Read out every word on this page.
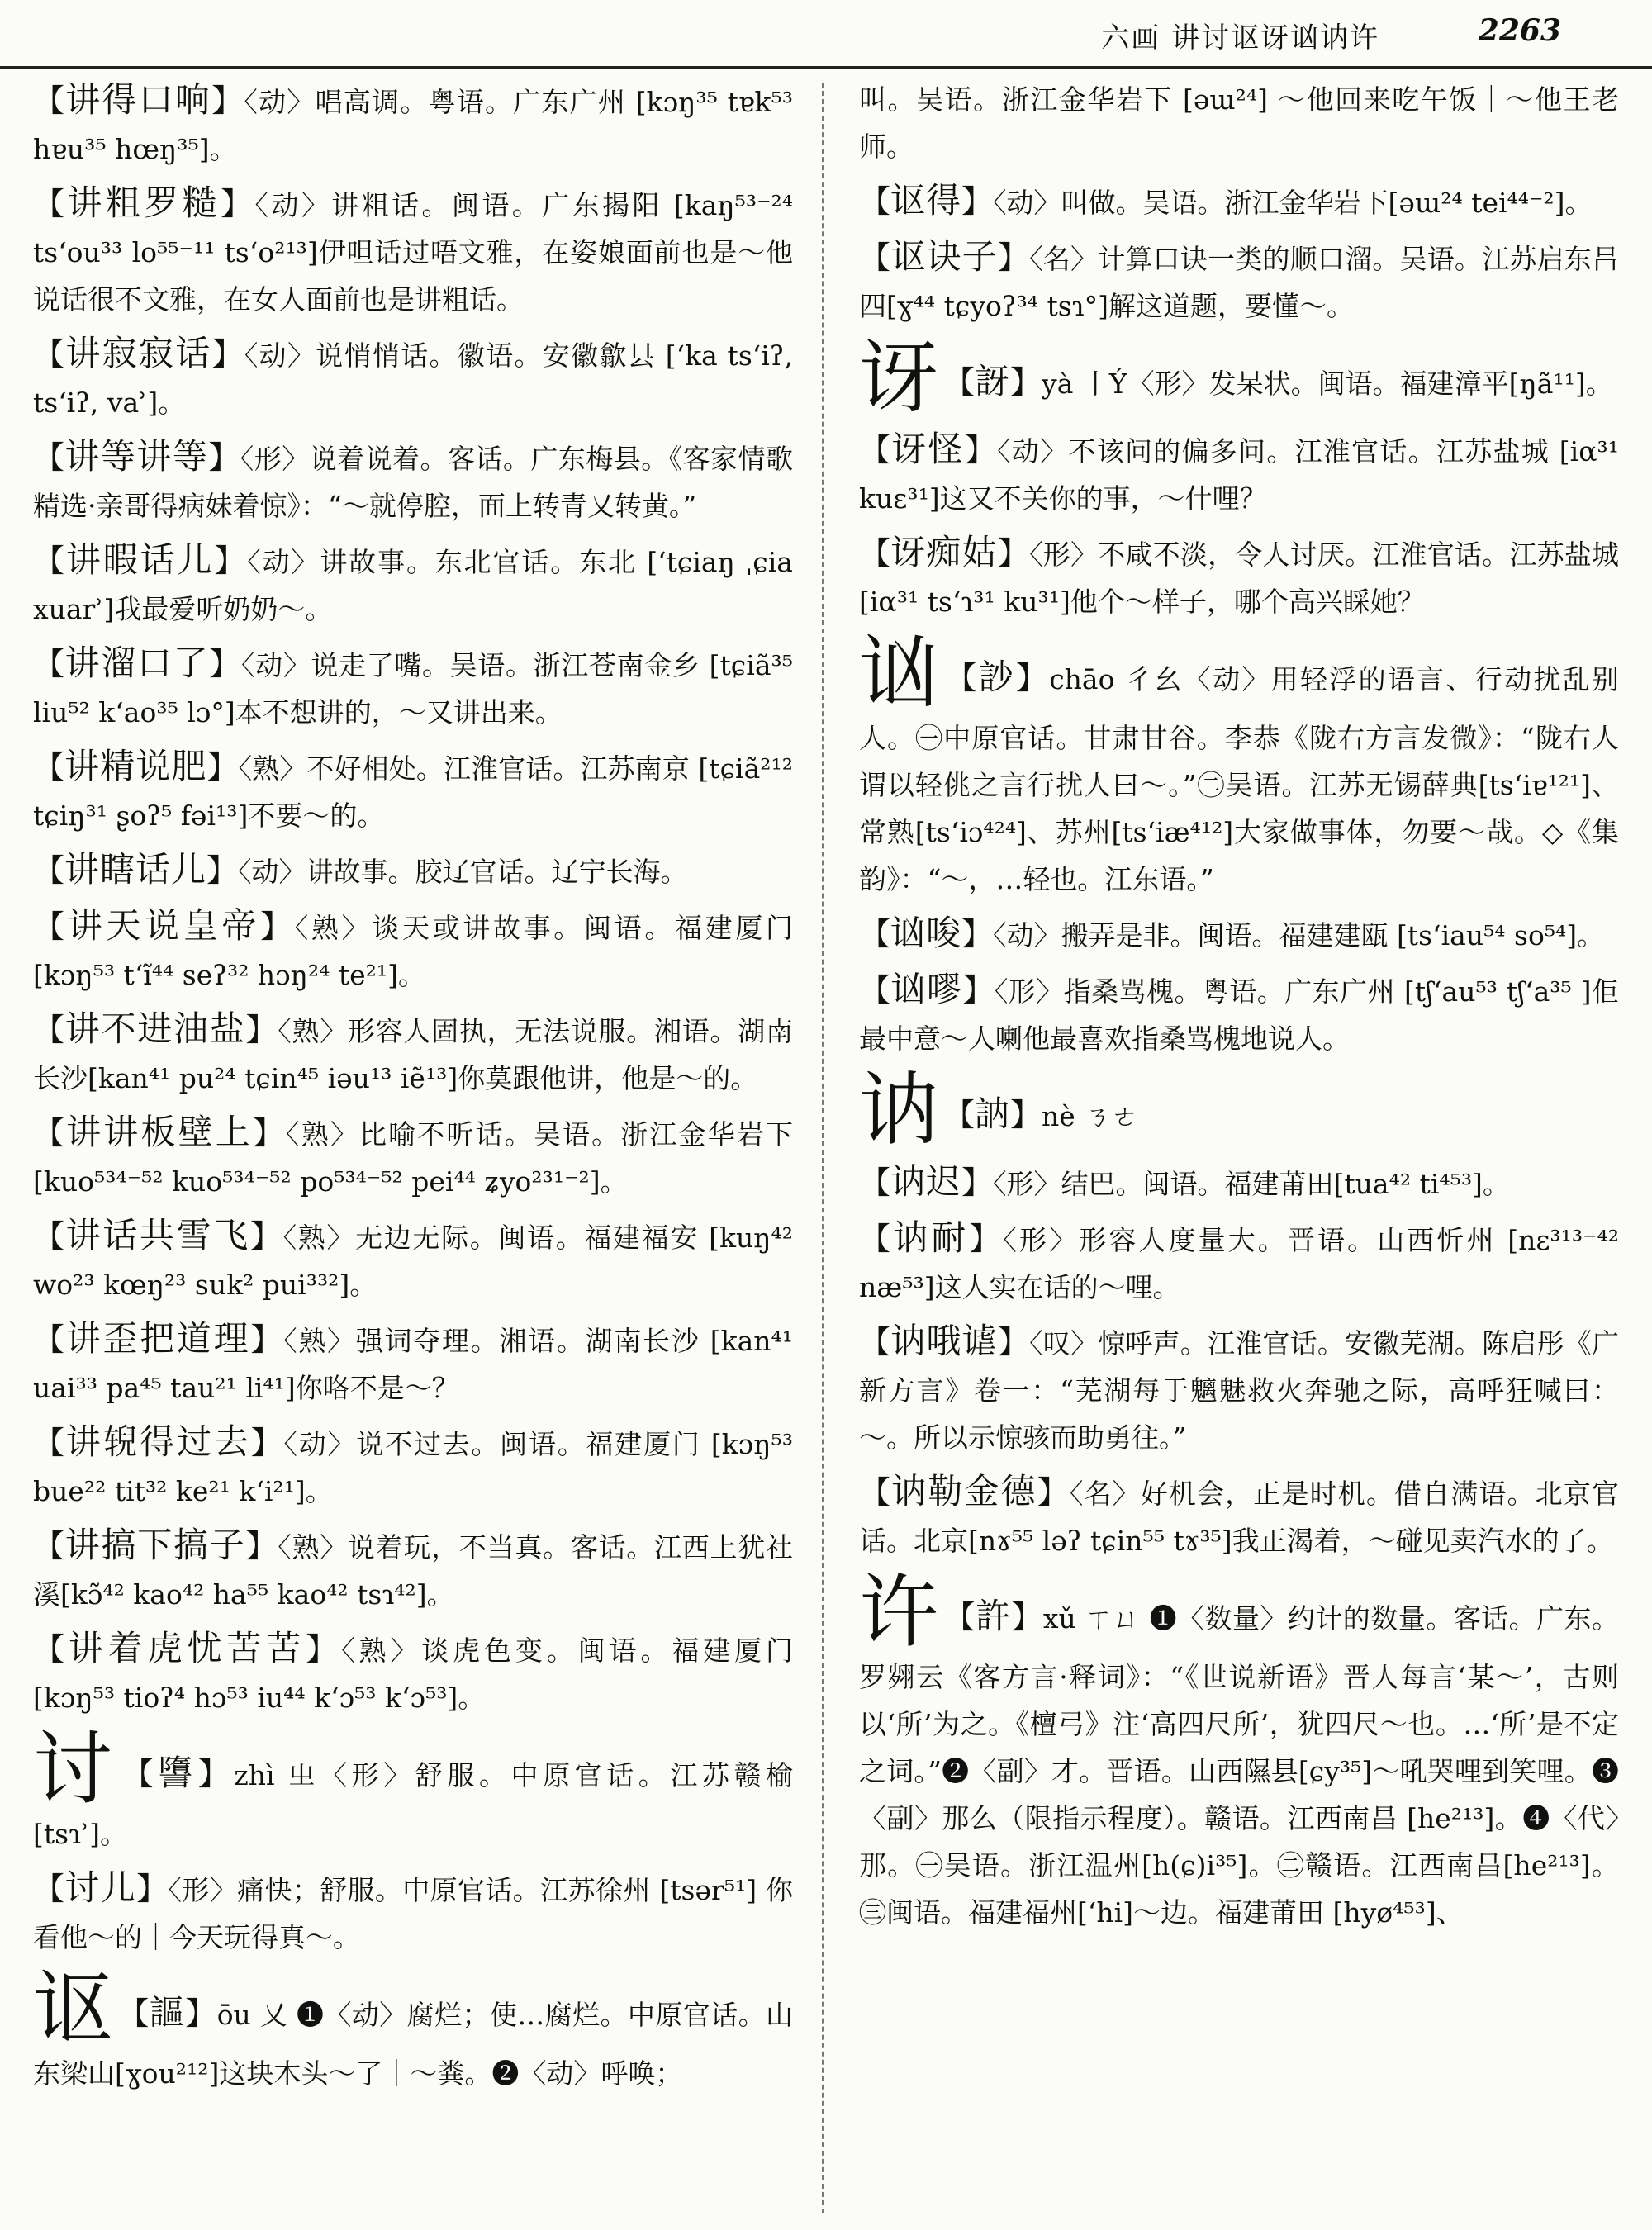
六画 讲讨讴讶讻讷许	2263
【讲得口响】〈动〉唱高调。粤语。广东广州 [kɔŋ³⁵ tɐk⁵³ hɐu³⁵ hœŋ³⁵]。
【讲粗罗糙】〈动〉讲粗话。闽语。广东揭阳 [kaŋ⁵³⁻²⁴ tsʻou³³ lo⁵⁵⁻¹¹ tsʻo²¹³]伊呾话过唔文雅，在姿娘面前也是～他说话很不文雅，在女人面前也是讲粗话。
【讲寂寂话】〈动〉说悄悄话。徽语。安徽歙县 [ʻka tsʻiʔ, tsʻiʔ, vaʾ]。
【讲等讲等】〈形〉说着说着。客话。广东梅县。《客家情歌精选·亲哥得病妹着惊》：“～就停腔，面上转青又转黄。”
【讲暇话儿】〈动〉讲故事。东北官话。东北 [ʻtɕiaŋ ˌɕia xuarʾ]我最爱听奶奶～。
【讲溜口了】〈动〉说走了嘴。吴语。浙江苍南金乡 [tɕiã³⁵ liu⁵² kʻao³⁵ lɔ°]本不想讲的，～又讲出来。
【讲精说肥】〈熟〉不好相处。江淮官话。江苏南京 [tɕiã²¹² tɕiŋ³¹ ʂoʔ⁵ fəi¹³]不要～的。
【讲瞎话儿】〈动〉讲故事。胶辽官话。辽宁长海。
【讲天说皇帝】〈熟〉谈天或讲故事。闽语。福建厦门 [kɔŋ⁵³ tʻĩ⁴⁴ seʔ³² hɔŋ²⁴ te²¹]。
【讲不进油盐】〈熟〉形容人固执，无法说服。湘语。湖南长沙[kan⁴¹ pu²⁴ tɕin⁴⁵ iəu¹³ iẽ¹³]你莫跟他讲，他是～的。
【讲讲板壁上】〈熟〉比喻不听话。吴语。浙江金华岩下[kuo⁵³⁴⁻⁵² kuo⁵³⁴⁻⁵² po⁵³⁴⁻⁵² pei⁴⁴ ʑyo²³¹⁻²]。
【讲话共雪飞】〈熟〉无边无际。闽语。福建福安 [kuŋ⁴² wo²³ kœŋ²³ suk² pui³³²]。
【讲歪把道理】〈熟〉强词夺理。湘语。湖南长沙 [kan⁴¹ uai³³ pa⁴⁵ tau²¹ li⁴¹]你咯不是～？
【讲𫐐得过去】〈动〉说不过去。闽语。福建厦门 [kɔŋ⁵³ bue²² tit³² ke²¹ kʻi²¹]。
【讲搞下搞子】〈熟〉说着玩，不当真。客话。江西上犹社溪[kɔ̃⁴² kao⁴² ha⁵⁵ kao⁴² tsɿ⁴²]。
【讲着虎忧苦苦】〈熟〉谈虎色变。闽语。福建厦门 [kɔŋ⁵³ tioʔ⁴ hɔ⁵³ iu⁴⁴ kʻɔ⁵³ kʻɔ⁵³]。
讨 【䜐】zhì 㞢〈形〉舒服。中原官话。江苏赣榆 [tsɿʾ]。
【讨儿】〈形〉痛快；舒服。中原官话。江苏徐州 [tsər⁵¹] 你看他～的｜今天玩得真～。
讴 【謳】ōu 又 ❶〈动〉腐烂；使…腐烂。中原官话。山东梁山[ɣou²¹²]这块木头～了｜～粪。❷〈动〉呼唤；
叫。吴语。浙江金华岩下 [əɯ²⁴] ～他回来吃午饭｜～他王老师。
【讴得】〈动〉叫做。吴语。浙江金华岩下[əɯ²⁴ tei⁴⁴⁻²]。
【讴诀子】〈名〉计算口诀一类的顺口溜。吴语。江苏启东吕四[ɣ⁴⁴ tɕyoʔ³⁴ tsɿ°]解这道题，要懂～。
讶 【訝】yà 丨Ý〈形〉发呆状。闽语。福建漳平[ŋã¹¹]。
【讶怪】〈动〉不该问的偏多问。江淮官话。江苏盐城 [iα³¹ kuɛ³¹]这又不关你的事，～什哩？
【讶痴姑】〈形〉不咸不淡，令人讨厌。江淮官话。江苏盐城[iα³¹ tsʻɿ³¹ ku³¹]他个～样子，哪个高兴睬她？
讻 【訬】chāo 彳幺〈动〉用轻浮的语言、行动扰乱别人。㊀中原官话。甘肃甘谷。李恭《陇右方言发微》：“陇右人谓以轻佻之言行扰人曰～。”㊁吴语。江苏无锡薛典[tsʻiɐ¹²¹]、常熟[tsʻiɔ⁴²⁴]、苏州[tsʻiæ⁴¹²]大家做事体，勿要～哉。◇《集韵》：“～，…轻也。江东语。”
【讻唆】〈动〉搬弄是非。闽语。福建建瓯 [tsʻiau⁵⁴ so⁵⁴]。
【讻嘐】〈形〉指桑骂槐。粤语。广东广州 [tʃʻau⁵³ tʃʻa³⁵ ]佢最中意～人喇他最喜欢指桑骂槐地说人。
讷 【訥】nè ㄋㄜ
【讷迟】〈形〉结巴。闽语。福建莆田[tua⁴² ti⁴⁵³]。
【讷耐】〈形〉形容人度量大。晋语。山西忻州 [nɛ³¹³⁻⁴² næ⁵³]这人实在话的～哩。
【讷哦谑】〈叹〉惊呼声。江淮官话。安徽芜湖。陈启彤《广新方言》卷一：“芜湖每于魑魅救火奔驰之际，高呼狂喊曰：～。所以示惊骇而助勇往。”
【讷勒金德】〈名〉好机会，正是时机。借自满语。北京官话。北京[nɤ⁵⁵ ləʔ tɕin⁵⁵ tɤ³⁵]我正渴着，～碰见卖汽水的了。
许 【許】xǔ ㄒㄩ ❶〈数量〉约计的数量。客话。广东。罗翙云《客方言·释词》：“《世说新语》晋人每言‘某～’，古则以‘所’为之。《檀弓》注‘高四尺所’，犹四尺～也。…‘所’是不定之词。”❷〈副〉才。晋语。山西隰县[ɕy³⁵]～吼哭哩到笑哩。❸〈副〉那么（限指示程度）。赣语。江西南昌 [he²¹³]。❹〈代〉那。㊀吴语。浙江温州[h(ɕ)i³⁵]。㊁赣语。江西南昌[he²¹³]。㊂闽语。福建福州[ʻhi]～边。福建莆田 [hyø⁴⁵³]、
